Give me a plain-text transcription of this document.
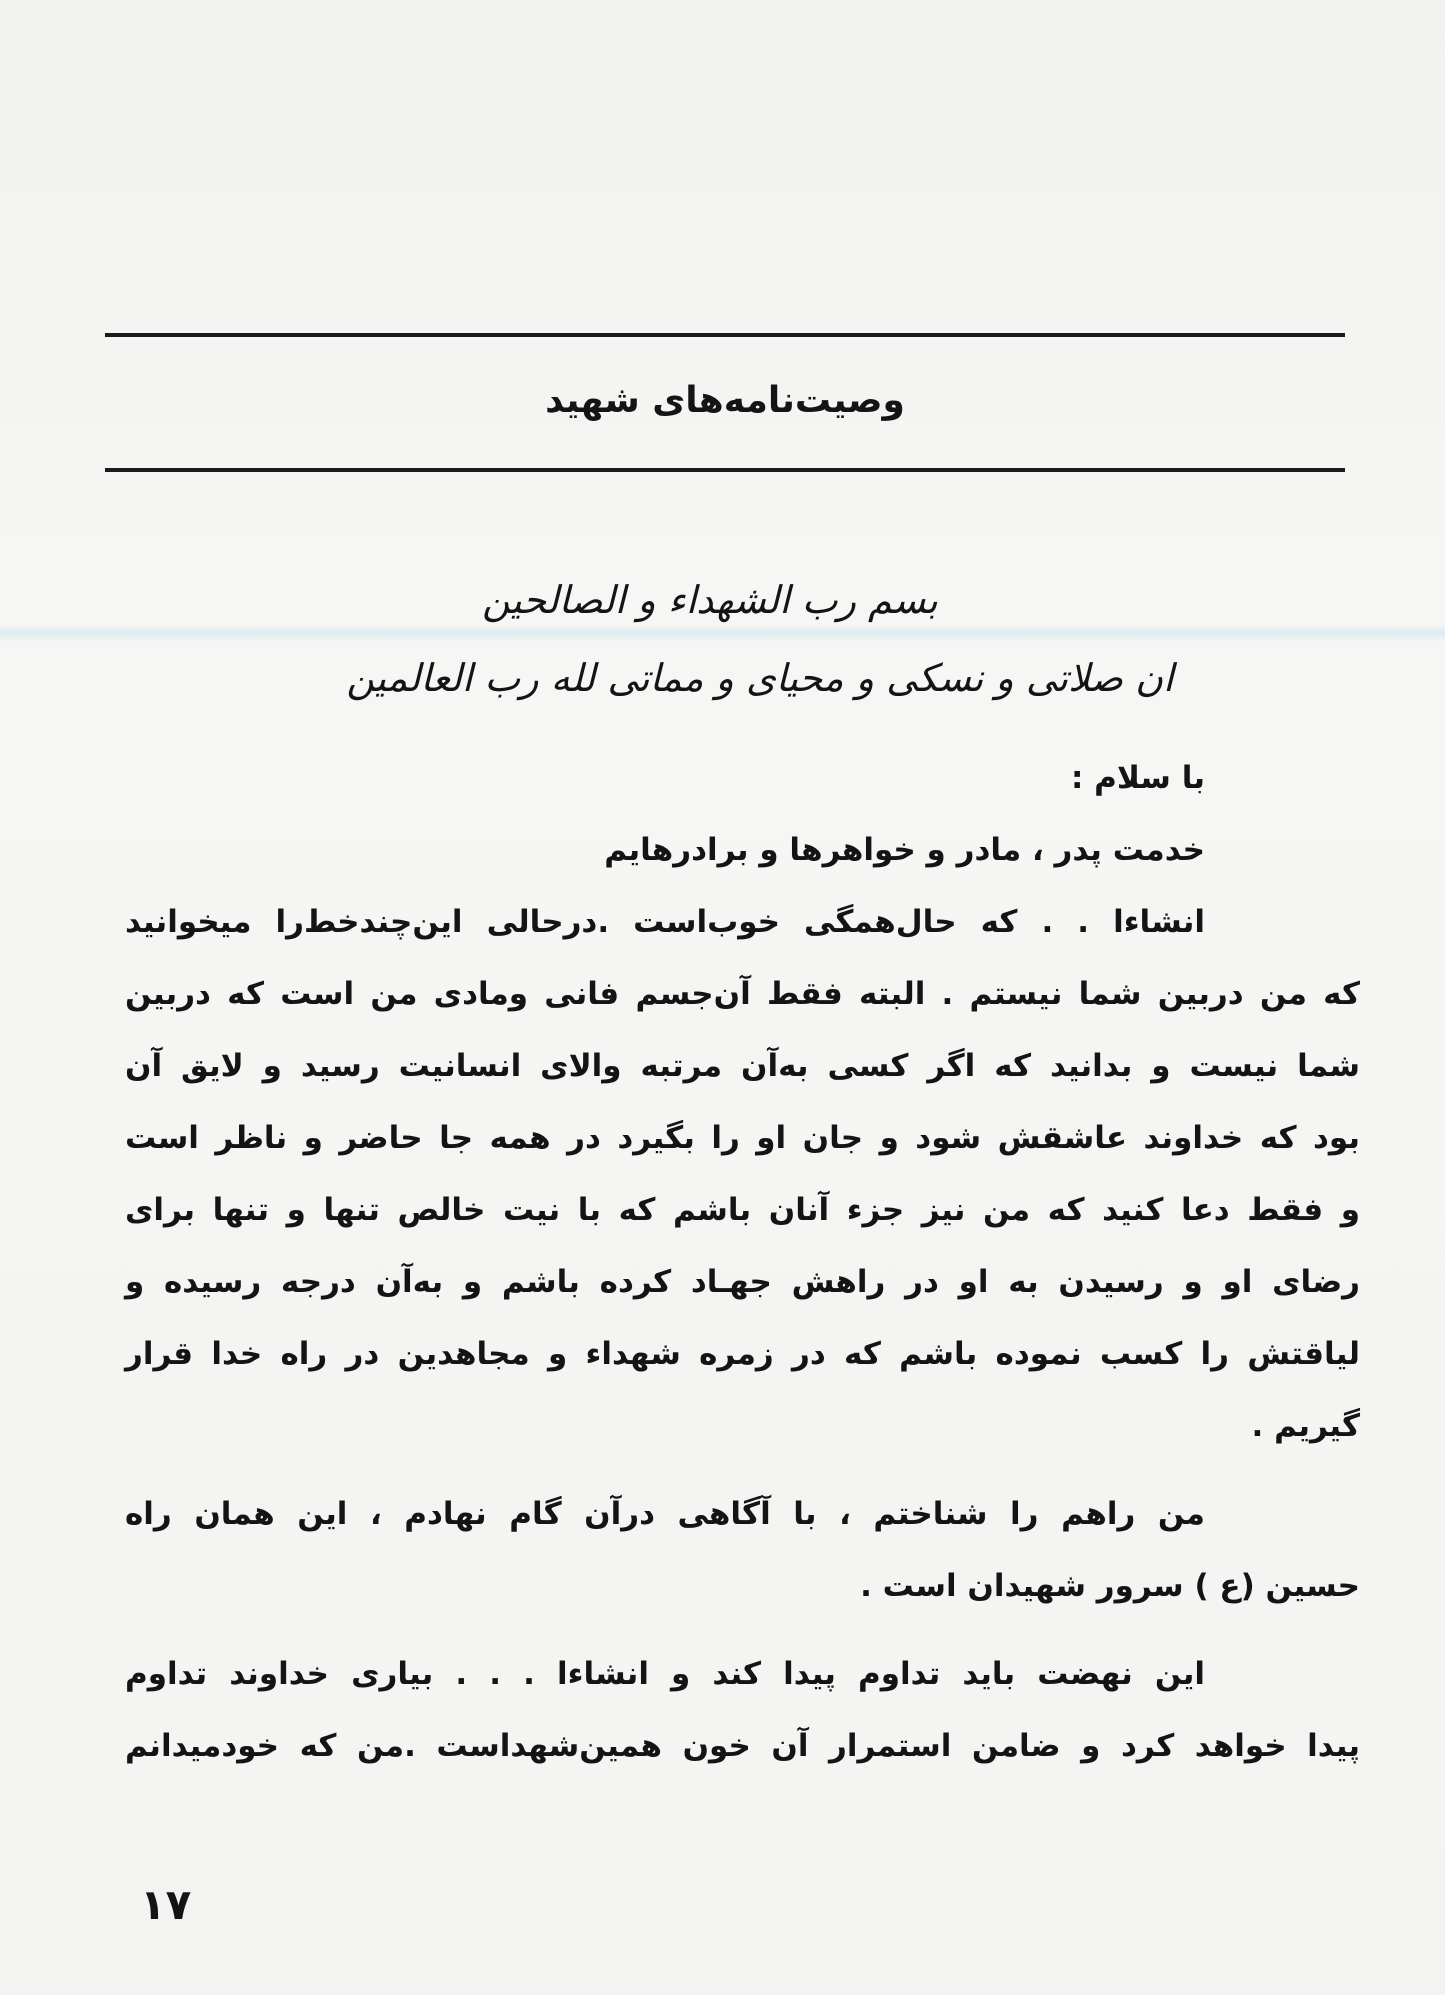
وصیت‌نامه‌های شهید
بسم رب الشهداء و الصالحین
ان صلاتی و نسکی و محیای و مماتی لله رب العالمین
با سلام :
خدمت پدر ، مادر و خواهرها و برادرهایم
انشاءا . . که حال‌همگی خوب‌است .درحالی این‌چندخط‌را میخوانید
که من دربین شما نیستم . البته فقط آن‌جسم فانی ومادی من است که دربین
شما نیست و بدانید که اگر کسی به‌آن مرتبه والای انسانیت رسید و لایق آن
بود که خداوند عاشقش شود و جان او را بگیرد در همه جا حاضر و ناظر است
و فقط دعا کنید که من نیز جزء آنان باشم که با نیت خالص تنها و تنها برای
رضای او و رسیدن به او در راهش جهـاد کرده باشم و به‌آن درجه رسیده و
لیاقتش را کسب نموده باشم که در زمره شهداء و مجاهدین در راه خدا قرار
گیریم .
من راهم را شناختم ، با آگاهی درآن گام نهادم ، این همان راه
حسین (ع ) سرور شهیدان است .
این نهضت باید تداوم پیدا کند و انشاءا . . . بیاری خداوند تداوم
پیدا خواهد کرد و ضامن استمرار آن خون همین‌شهداست .من که خودمیدانم
۱۷
